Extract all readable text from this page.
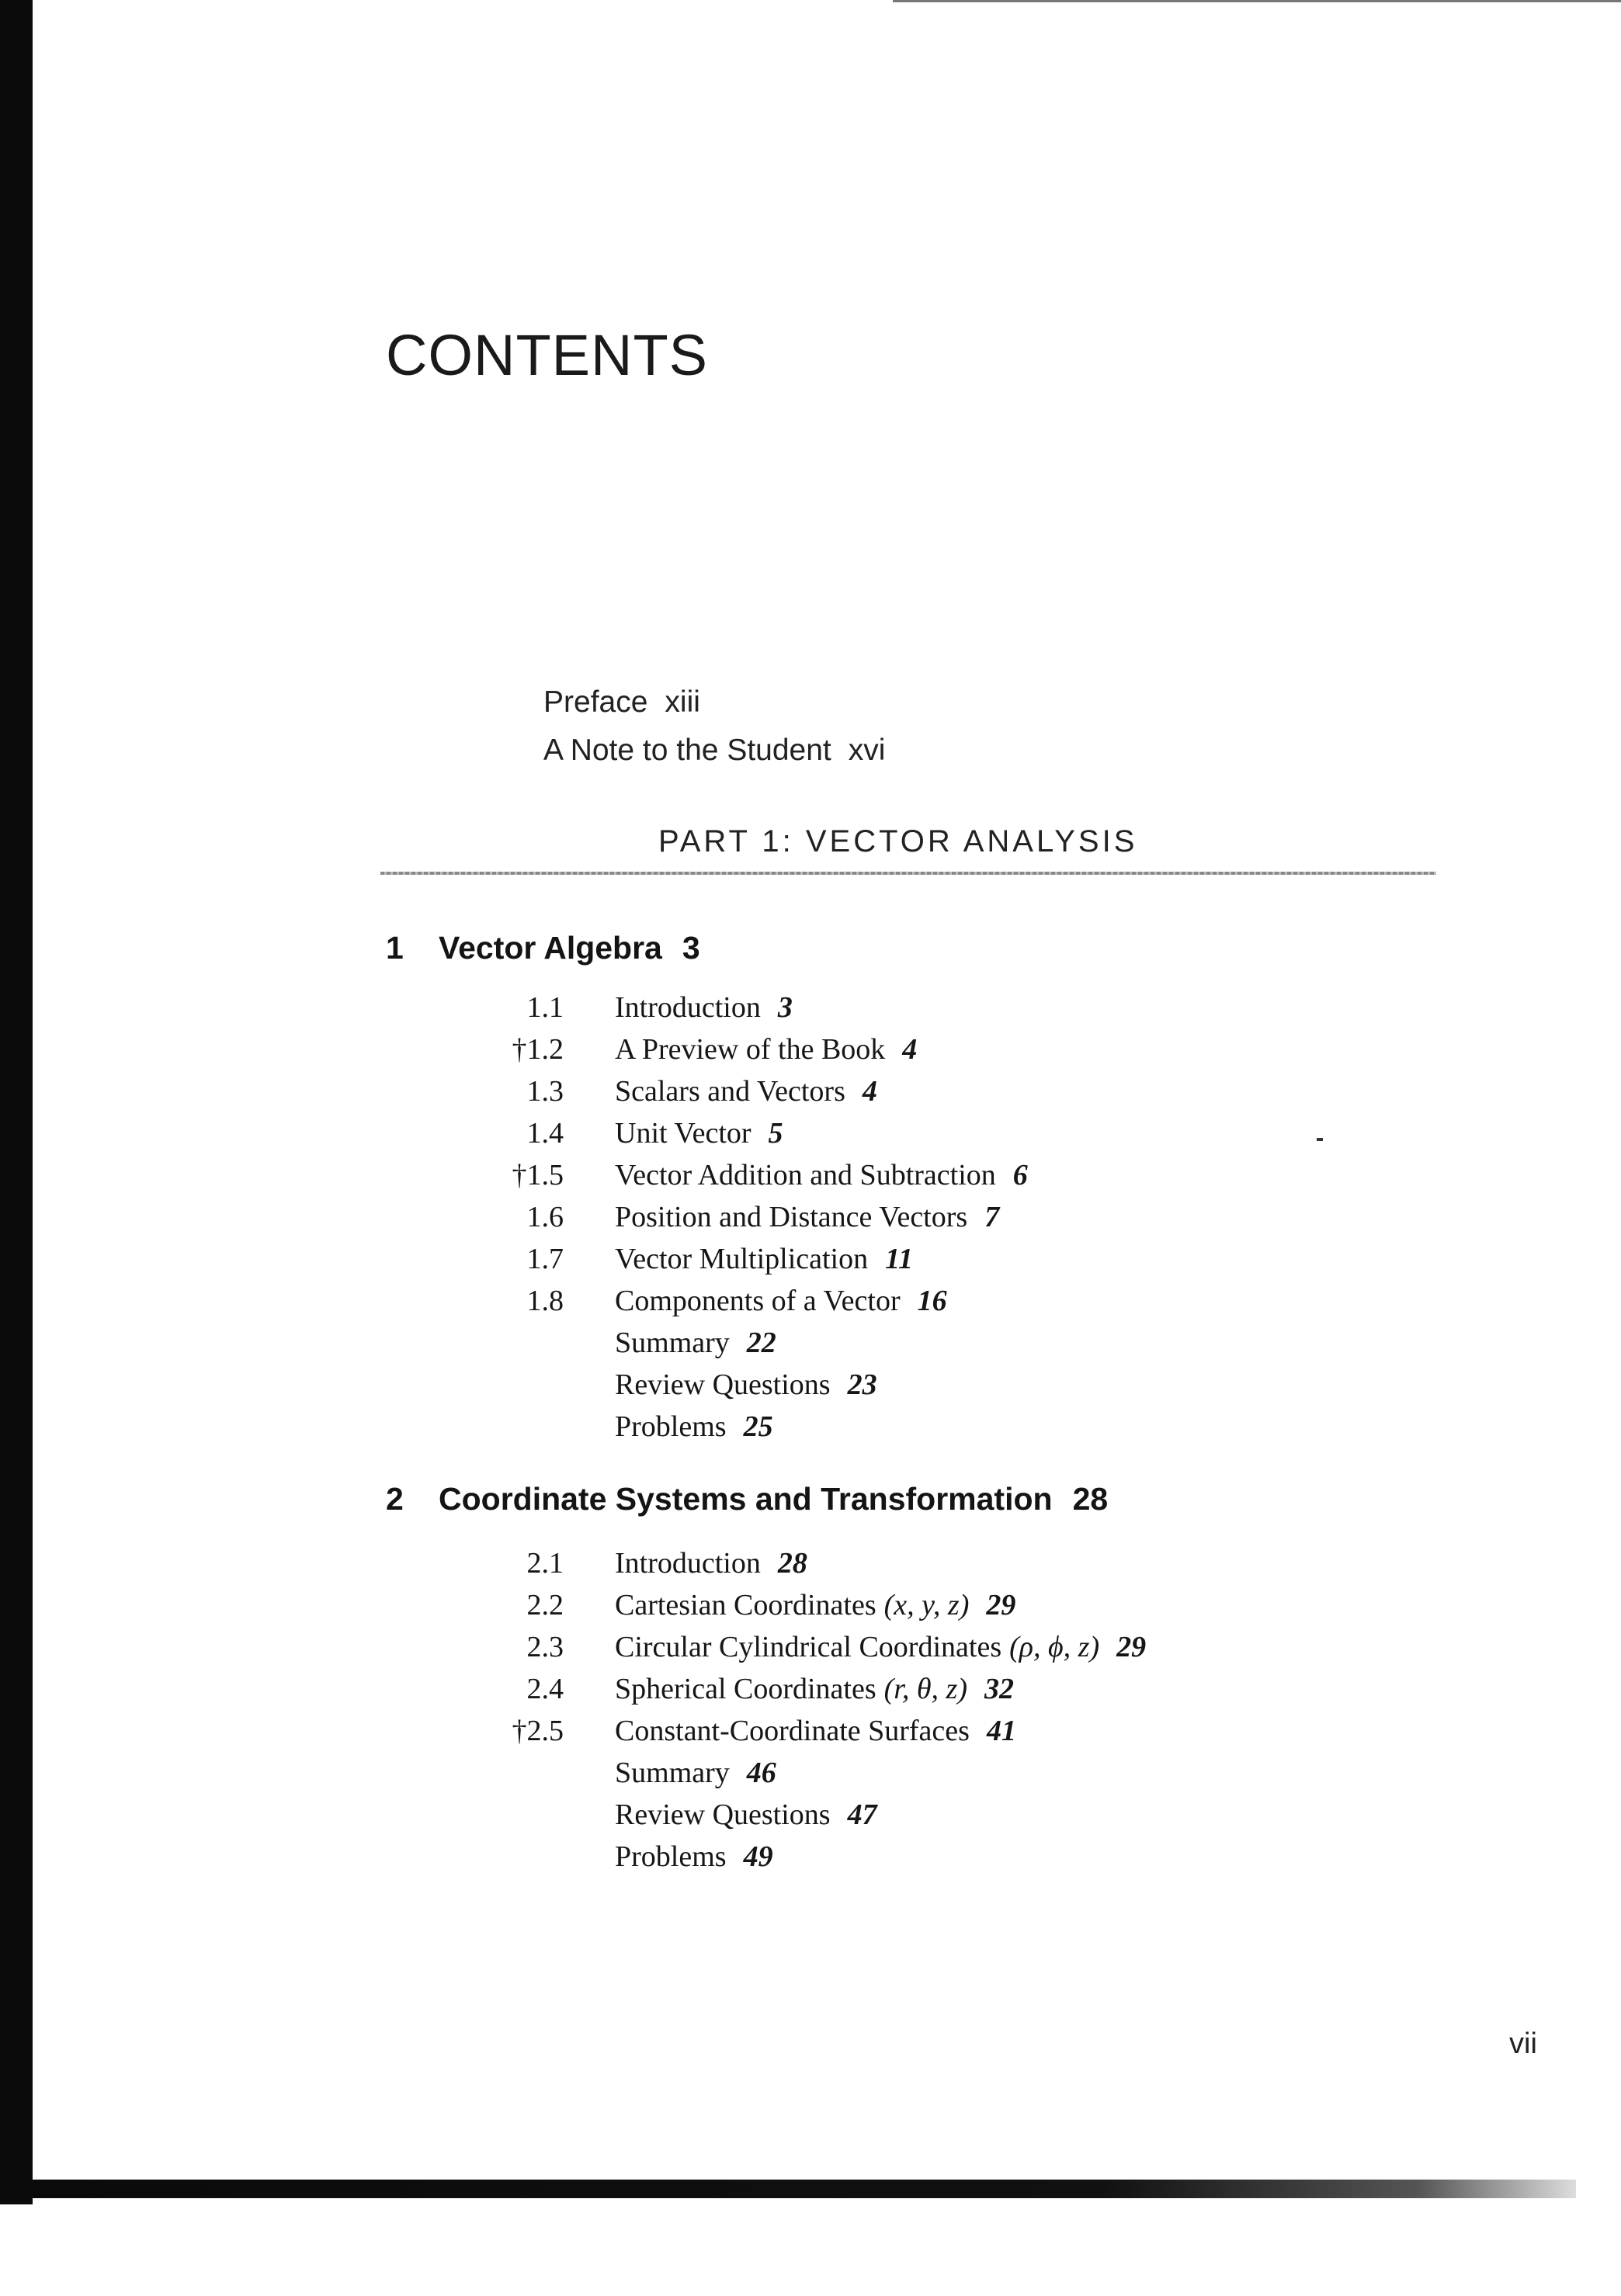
CONTENTS
Preface xiii
A Note to the Student xvi
PART 1: VECTOR ANALYSIS
1 Vector Algebra 3
1.1 Introduction 3
†1.2 A Preview of the Book 4
1.3 Scalars and Vectors 4
1.4 Unit Vector 5
†1.5 Vector Addition and Subtraction 6
1.6 Position and Distance Vectors 7
1.7 Vector Multiplication 11
1.8 Components of a Vector 16
Summary 22
Review Questions 23
Problems 25
2 Coordinate Systems and Transformation 28
2.1 Introduction 28
2.2 Cartesian Coordinates (x, y, z) 29
2.3 Circular Cylindrical Coordinates (ρ, ϕ, z) 29
2.4 Spherical Coordinates (r, θ, z) 32
†2.5 Constant-Coordinate Surfaces 41
Summary 46
Review Questions 47
Problems 49
vii
